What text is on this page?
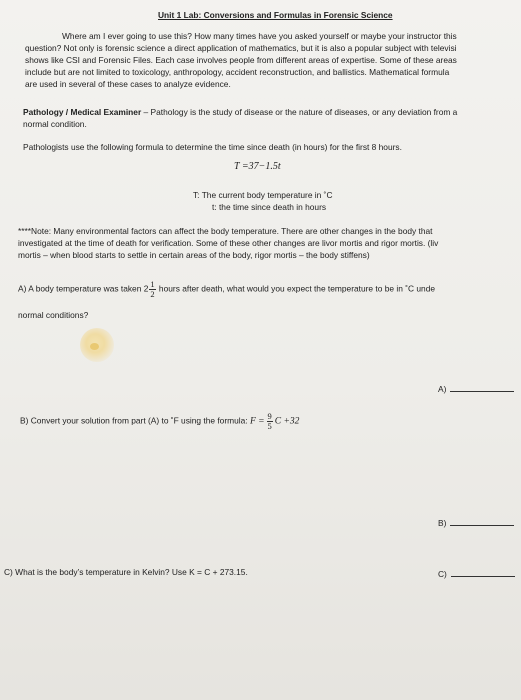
Unit 1 Lab: Conversions and Formulas in Forensic Science
Where am I ever going to use this? How many times have you asked yourself or maybe your instructor this
question? Not only is forensic science a direct application of mathematics, but it is also a popular subject with televisi
shows like CSI and Forensic Files. Each case involves people from different areas of expertise. Some of these areas
include but are not limited to toxicology, anthropology, accident reconstruction, and ballistics. Mathematical formula
are used in several of these cases to analyze evidence.
Pathology / Medical Examiner – Pathology is the study of disease or the nature of diseases, or any deviation from a
normal condition.
Pathologists use the following formula to determine the time since death (in hours) for the first 8 hours.
T =37−1.5t
T: The current body temperature in ˚C
t: the time since death in hours
****Note: Many environmental factors can affect the body temperature. There are other changes in the body that
investigated at the time of death for verification. Some of these other changes are livor mortis and rigor mortis. (liv
mortis – when blood starts to settle in certain areas of the body, rigor mortis – the body stiffens)
A) A body temperature was taken $2 \frac{1}{2}$ hours after death, what would you expect the temperature to be in ˚C unde
normal conditions?
A)
B) Convert your solution from part (A) to ˚F using the formula: $F = \frac{9}{5}$ C +32
B)
C) What is the body’s temperature in Kelvin? Use K = C + 273.15.	C)
